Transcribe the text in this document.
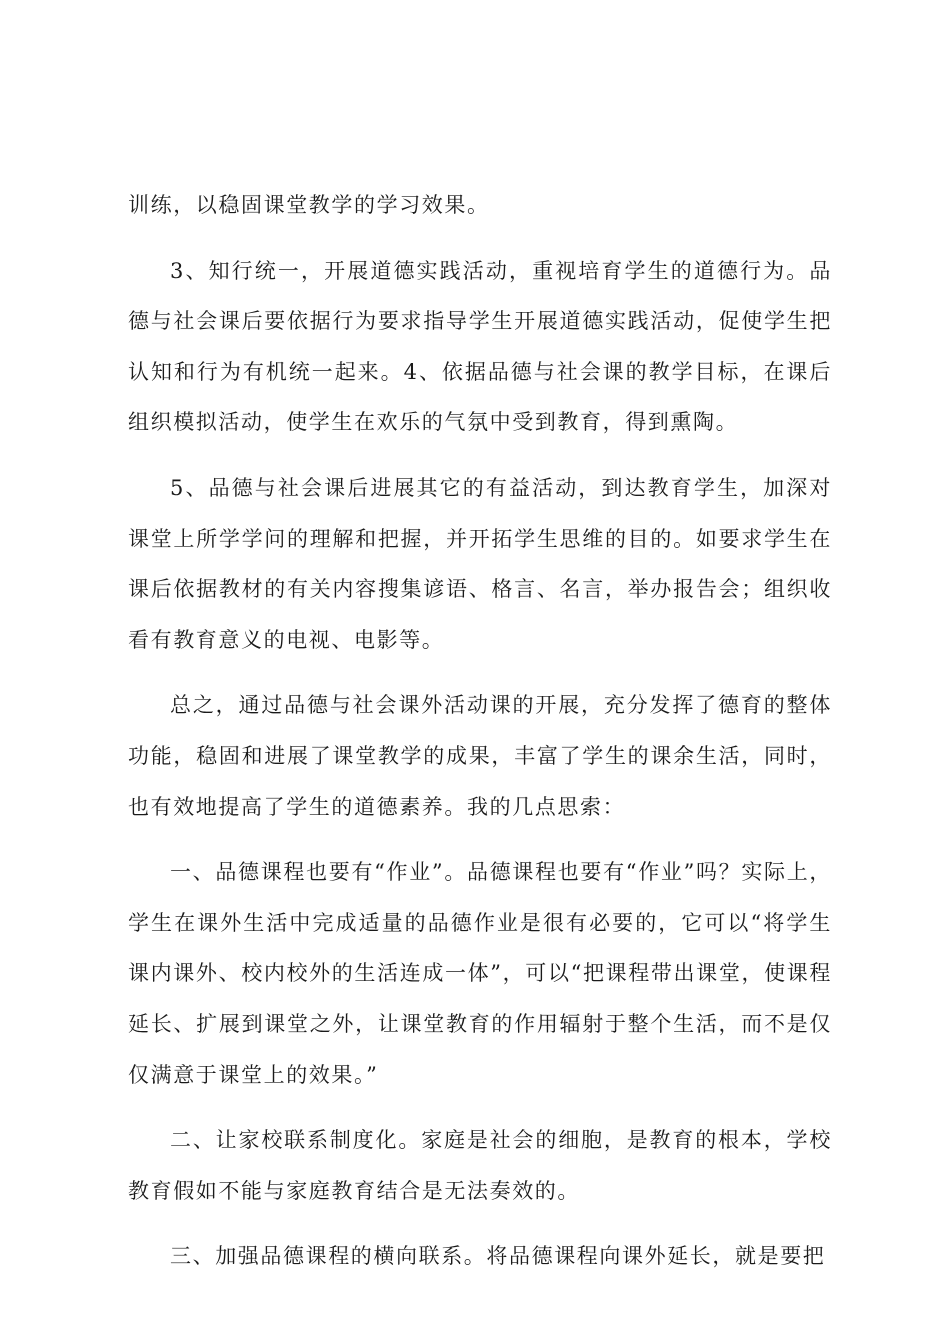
训练，以稳固课堂教学的学习效果。

3、知行统一，开展道德实践活动，重视培育学生的道德行为。品德与社会课后要依据行为要求指导学生开展道德实践活动，促使学生把认知和行为有机统一起来。4、依据品德与社会课的教学目标，在课后组织模拟活动，使学生在欢乐的气氛中受到教育，得到熏陶。

5、品德与社会课后进展其它的有益活动，到达教育学生，加深对课堂上所学学问的理解和把握，并开拓学生思维的目的。如要求学生在课后依据教材的有关内容搜集谚语、格言、名言，举办报告会；组织收看有教育意义的电视、电影等。

总之，通过品德与社会课外活动课的开展，充分发挥了德育的整体功能，稳固和进展了课堂教学的成果，丰富了学生的课余生活，同时，也有效地提高了学生的道德素养。我的几点思索：

一、品德课程也要有“作业”。品德课程也要有“作业”吗？实际上，学生在课外生活中完成适量的品德作业是很有必要的，它可以“将学生课内课外、校内校外的生活连成一体”，可以“把课程带出课堂，使课程延长、扩展到课堂之外，让课堂教育的作用辐射于整个生活，而不是仅仅满意于课堂上的效果。”

二、让家校联系制度化。家庭是社会的细胞，是教育的根本，学校教育假如不能与家庭教育结合是无法奏效的。

三、加强品德课程的横向联系。将品德课程向课外延长，就是要把
